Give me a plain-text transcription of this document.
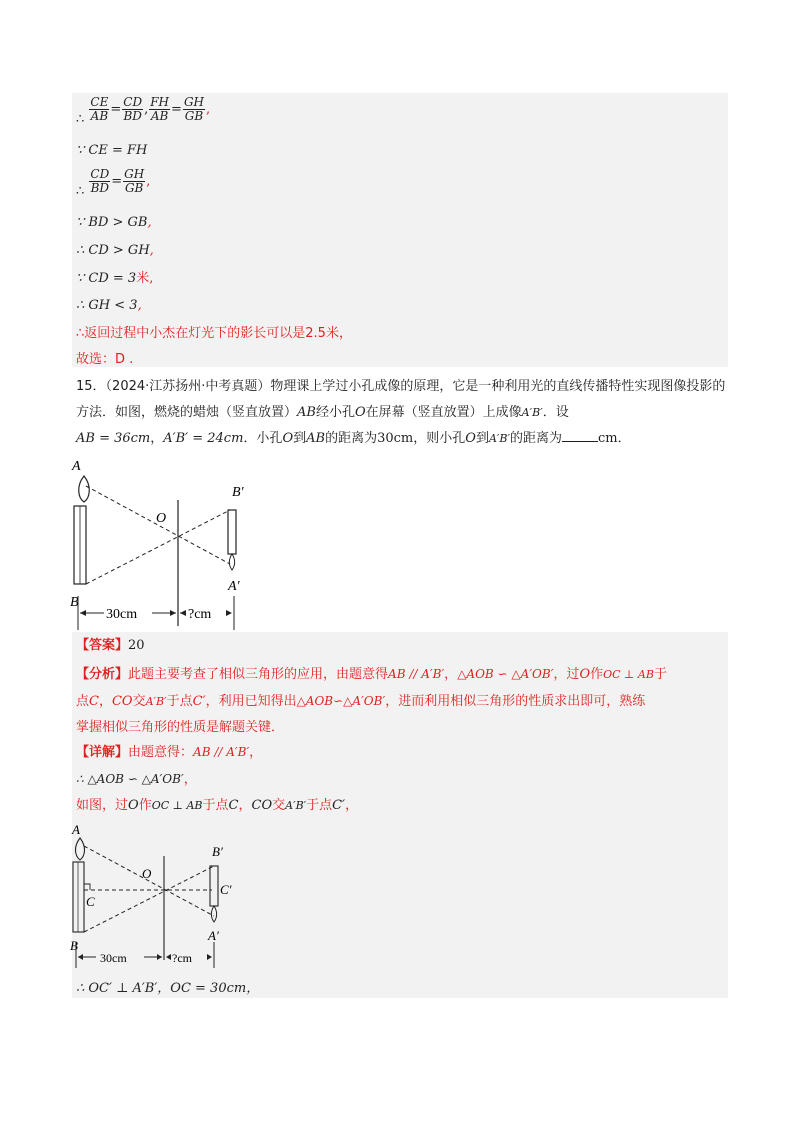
∴ $\frac{CE}{AB} = \frac{CD}{BD}$ , $\frac{FH}{AB} = \frac{GH}{GB}$ ,
∵ CE = FH
∴ $\frac{CD}{BD} = \frac{GH}{GB}$ ,
∵ BD > GB,
∴ CD > GH,
∵ CD = 3米,
∴ GH < 3,
∴返回过程中小杰在灯光下的影长可以是2.5米，
故选：D .
15．（2024·江苏扬州·中考真题）物理课上学过小孔成像的原理，它是一种利用光的直线传播特性实现图像投影的方法．如图，燃烧的蜡烛（竖直放置）AB经小孔O在屏幕（竖直放置）上成像A′B′．设
AB = 36cm，A′B′ = 24cm．小孔O到AB的距离为30cm，则小孔O到A′B′的距离为	cm．
A
O
B′
A′
B
30cm	?cm
【答案】20
【分析】此题主要考查了相似三角形的应用，由题意得AB // A′B′，△AOB ∽ △A′OB′，过O作OC ⊥ AB于
点C，CO交A′B′于点C′，利用已知得出△AOB∽△A′OB′，进而利用相似三角形的性质求出即可，熟练
掌握相似三角形的性质是解题关键．
【详解】由题意得：AB // A′B′，
∴ △AOB ∽ △A′OB′，
如图，过O作OC ⊥ AB于点C，CO交A′B′于点C′，
A
O
C
B′
C′
A′
B
30cm	?cm
∴ OC′ ⊥ A′B′，OC = 30cm，
